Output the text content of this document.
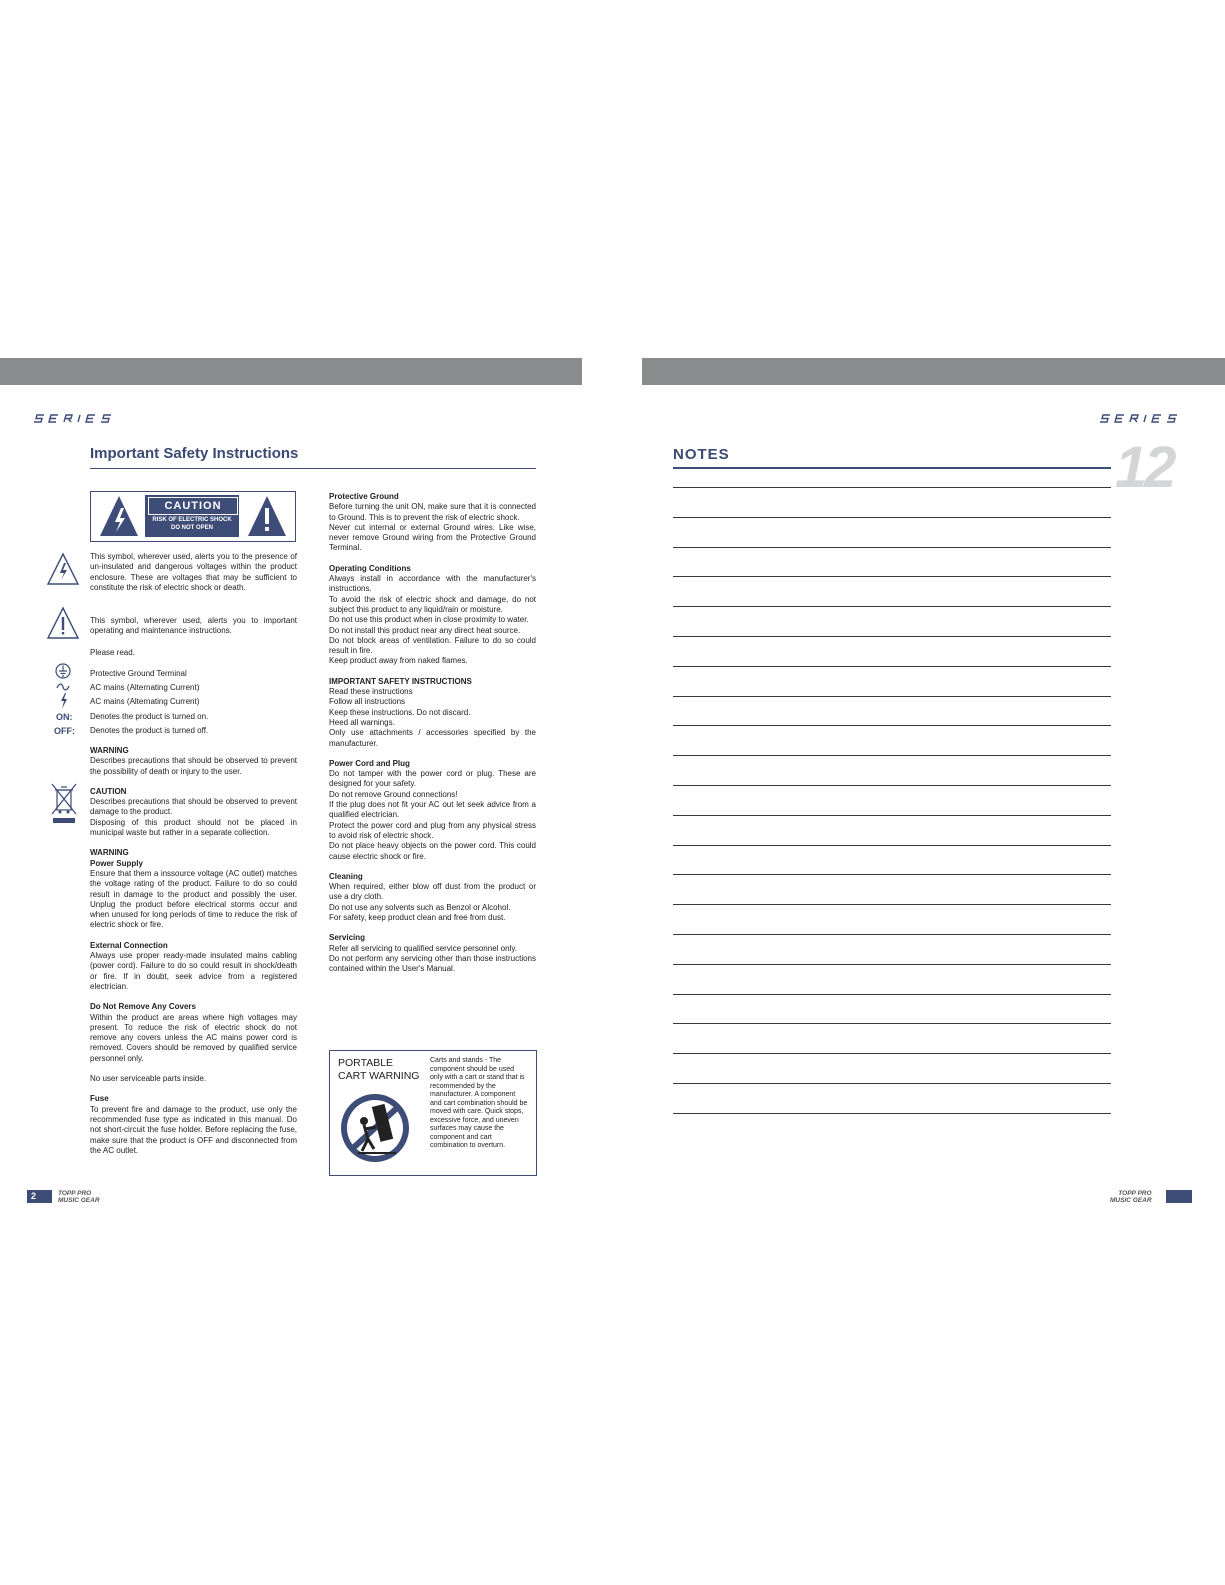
Important Safety Instructions
CAUTION
RISK OF ELECTRIC SHOCK
DO NOT OPEN
ON:
OFF:
This symbol, wherever used, alerts you to the presence of un-insulated and dangerous voltages within the product enclosure. These are voltages that may be sufficient to constitute the risk of electric shock or death.
This symbol, wherever used, alerts you to important operating and maintenance instructions.
Please read.
Protective Ground Terminal
AC mains (Alternating Current)
AC mains (Alternating Current)
Denotes the product is turned on.
Denotes the product is turned off.

WARNING
Describes precautions that should be observed to prevent the possibility of death or injury to the user.

CAUTION
Describes precautions that should be observed to prevent damage to the product.

Disposing of this product should not be placed in municipal waste but rather in a separate collection.

WARNING
Power Supply
Ensure that them a inssource voltage (AC outlet) matches the voltage rating of the product. Failure to do so could result in damage to the product and possibly the user. Unplug the product before electrical storms occur and when unused for long periods of time to reduce the risk of electric shock or fire.

External Connection
Always use proper ready-made insulated mains cabling (power cord). Failure to do so could result in shock/death or fire. If in doubt, seek advice from a registered electrician.

Do Not Remove Any Covers
Within the product are areas where high voltages may present. To reduce the risk of electric shock do not remove any covers unless the AC mains power cord is removed. Covers should be removed by qualified service personnel only.

No user serviceable parts inside.

Fuse
To prevent fire and damage to the product, use only the recommended fuse type as indicated in this manual. Do not short-circuit the fuse holder. Before replacing the fuse, make sure that the product is OFF and disconnected from the AC outlet.

Protective Ground
Before turning the unit ON, make sure that it is connected to Ground. This is to prevent the risk of electric shock.
Never cut internal or external Ground wires. Like wise, never remove Ground wiring from the Protective Ground Terminal.

Operating Conditions
Always install in accordance with the manufacturer's instructions.
To avoid the risk of electric shock and damage, do not subject this product to any liquid/rain or moisture.
Do not use this product when in close proximity to water.
Do not install this product near any direct heat source.
Do not block areas of ventilation. Failure to do so could result in fire.
Keep product away from naked flames.

IMPORTANT SAFETY INSTRUCTIONS
Read these instructions
Follow all instructions
Keep these instructions. Do not discard.
Heed all warnings.
Only use attachments / accessories specified by the manufacturer.

Power Cord and Plug
Do not tamper with the power cord or plug. These are designed for your safety.
Do not remove Ground connections!
If the plug does not fit your AC out let seek advice from a qualified electrician.
Protect the power cord and plug from any physical stress to avoid risk of electric shock.
Do not place heavy objects on the power cord. This could cause electric shock or fire.

Cleaning
When required, either blow off dust from the product or use a dry cloth.
Do not use any solvents such as Benzol or Alcohol.
For safety, keep product clean and free from dust.

Servicing
Refer all servicing to qualified service personnel only.
Do not perform any servicing other than those instructions contained within the User's Manual.

PORTABLE
CART WARNING
Carts and stands - The component should be used only with a cart or stand that is recommended by the manufacturer. A component and cart combination should be moved with care. Quick stops, excessive force, and uneven surfaces may cause the component and cart combination to overturn.
2	TOPP PRO
MUSIC GEAR
NOTES	12
TOPP PRO
MUSIC GEAR
